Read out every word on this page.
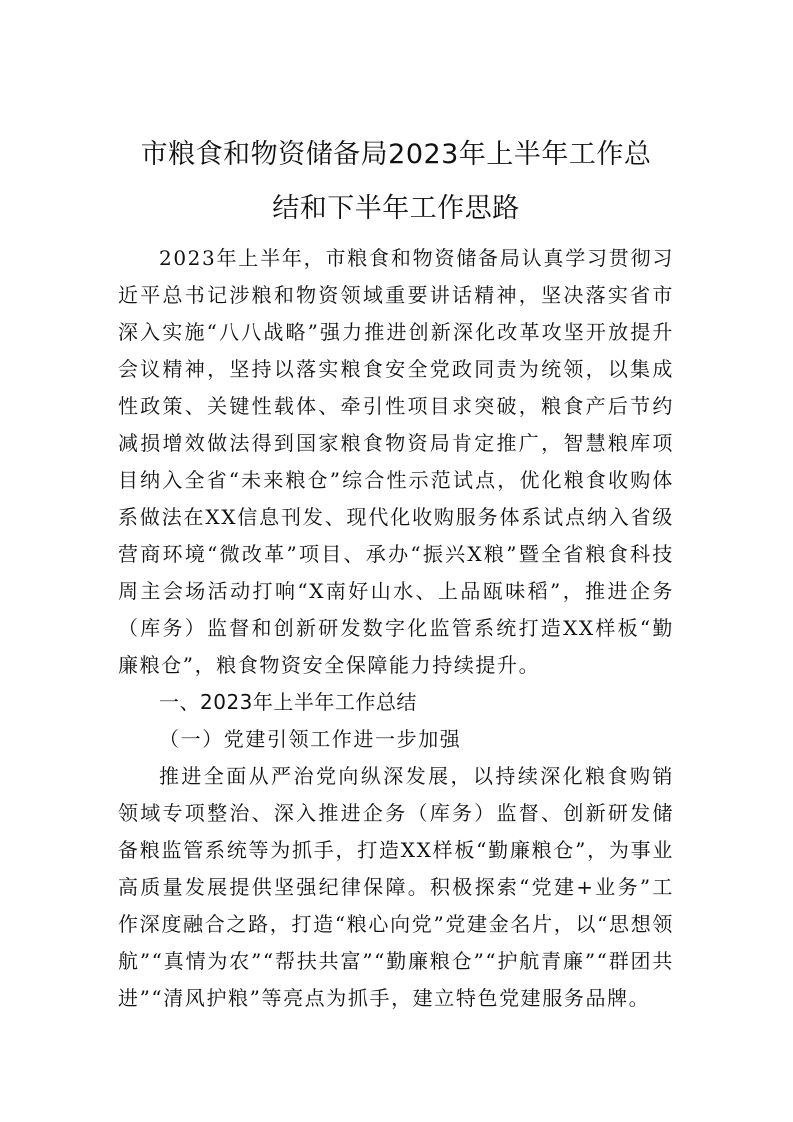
市粮食和物资储备局2023年上半年工作总

结和下半年工作思路

2023年上半年，市粮食和物资储备局认真学习贯彻习近平总书记涉粮和物资领域重要讲话精神，坚决落实省市深入实施“八八战略”强力推进创新深化改革攻坚开放提升会议精神，坚持以落实粮食安全党政同责为统领，以集成性政策、关键性载体、牵引性项目求突破，粮食产后节约减损增效做法得到国家粮食物资局肯定推广，智慧粮库项目纳入全省“未来粮仓”综合性示范试点，优化粮食收购体系做法在XX信息刊发、现代化收购服务体系试点纳入省级营商环境“微改革”项目、承办“振兴X粮”暨全省粮食科技周主会场活动打响“X南好山水、上品瓯味稻”，推进企务（库务）监督和创新研发数字化监管系统打造XX样板“勤廉粮仓”，粮食物资安全保障能力持续提升。

一、2023年上半年工作总结

（一）党建引领工作进一步加强

推进全面从严治党向纵深发展，以持续深化粮食购销领域专项整治、深入推进企务（库务）监督、创新研发储备粮监管系统等为抓手，打造XX样板“勤廉粮仓”，为事业高质量发展提供坚强纪律保障。积极探索“党建+业务”工作深度融合之路，打造“粮心向党”党建金名片，以“思想领航”“真情为农”“帮扶共富”“勤廉粮仓”“护航青廉”“群团共进”“清风护粮”等亮点为抓手，建立特色党建服务品牌。
